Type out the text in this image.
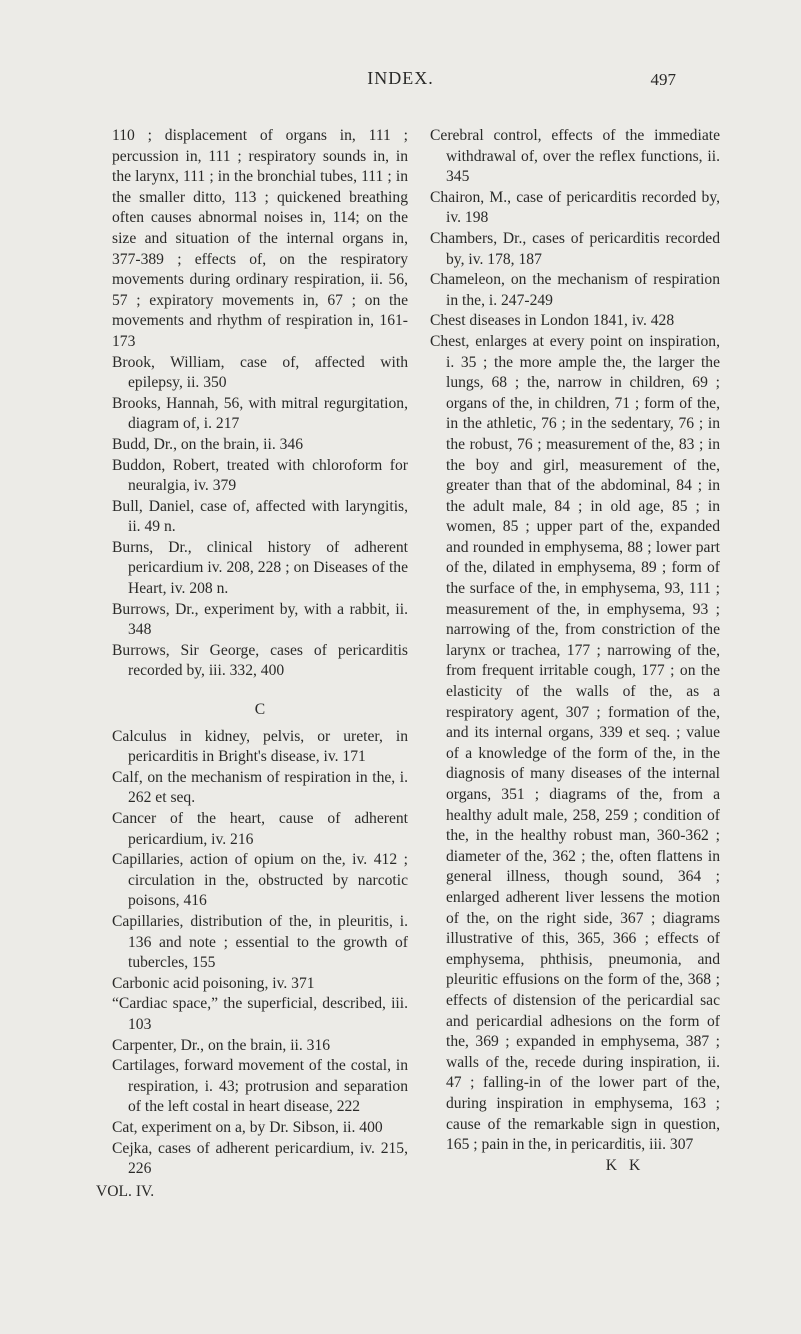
INDEX.	497

110 ; displacement of organs in, 111 ; percussion in, 111 ; respiratory sounds in, in the larynx, 111 ; in the bronchial tubes, 111 ; in the smaller ditto, 113 ; quickened breathing often causes abnormal noises in, 114; on the size and situation of the internal organs in, 377-389 ; effects of, on the respiratory movements during ordinary respiration, ii. 56, 57 ; expiratory movements in, 67 ; on the movements and rhythm of respiration in, 161-173

Brook, William, case of, affected with epilepsy, ii. 350

Brooks, Hannah, 56, with mitral regurgitation, diagram of, i. 217

Budd, Dr., on the brain, ii. 346

Buddon, Robert, treated with chloroform for neuralgia, iv. 379

Bull, Daniel, case of, affected with laryngitis, ii. 49 n.

Burns, Dr., clinical history of adherent pericardium iv. 208, 228 ; on Diseases of the Heart, iv. 208 n.

Burrows, Dr., experiment by, with a rabbit, ii. 348

Burrows, Sir George, cases of pericarditis recorded by, iii. 332, 400

C

Calculus in kidney, pelvis, or ureter, in pericarditis in Bright's disease, iv. 171

Calf, on the mechanism of respiration in the, i. 262 et seq.

Cancer of the heart, cause of adherent pericardium, iv. 216

Capillaries, action of opium on the, iv. 412 ; circulation in the, obstructed by narcotic poisons, 416

Capillaries, distribution of the, in pleuritis, i. 136 and note ; essential to the growth of tubercles, 155

Carbonic acid poisoning, iv. 371

“Cardiac space,” the superficial, described, iii. 103

Carpenter, Dr., on the brain, ii. 316

Cartilages, forward movement of the costal, in respiration, i. 43; protrusion and separation of the left costal in heart disease, 222

Cat, experiment on a, by Dr. Sibson, ii. 400

Cejka, cases of adherent pericardium, iv. 215, 226

VOL. IV.

Cerebral control, effects of the immediate withdrawal of, over the reflex functions, ii. 345

Chairon, M., case of pericarditis recorded by, iv. 198

Chambers, Dr., cases of pericarditis recorded by, iv. 178, 187

Chameleon, on the mechanism of respiration in the, i. 247-249

Chest diseases in London 1841, iv. 428

Chest, enlarges at every point on inspiration, i. 35 ; the more ample the, the larger the lungs, 68 ; the, narrow in children, 69 ; organs of the, in children, 71 ; form of the, in the athletic, 76 ; in the sedentary, 76 ; in the robust, 76 ; measurement of the, 83 ; in the boy and girl, measurement of the, greater than that of the abdominal, 84 ; in the adult male, 84 ; in old age, 85 ; in women, 85 ; upper part of the, expanded and rounded in emphysema, 88 ; lower part of the, dilated in emphysema, 89 ; form of the surface of the, in emphysema, 93, 111 ; measurement of the, in emphysema, 93 ; narrowing of the, from constriction of the larynx or trachea, 177 ; narrowing of the, from frequent irritable cough, 177 ; on the elasticity of the walls of the, as a respiratory agent, 307 ; formation of the, and its internal organs, 339 et seq. ; value of a knowledge of the form of the, in the diagnosis of many diseases of the internal organs, 351 ; diagrams of the, from a healthy adult male, 258, 259 ; condition of the, in the healthy robust man, 360-362 ; diameter of the, 362 ; the, often flattens in general illness, though sound, 364 ; enlarged adherent liver lessens the motion of the, on the right side, 367 ; diagrams illustrative of this, 365, 366 ; effects of emphysema, phthisis, pneumonia, and pleuritic effusions on the form of the, 368 ; effects of distension of the pericardial sac and pericardial adhesions on the form of the, 369 ; expanded in emphysema, 387 ; walls of the, recede during inspiration, ii. 47 ; falling-in of the lower part of the, during inspiration in emphysema, 163 ; cause of the remarkable sign in question, 165 ; pain in the, in pericarditis, iii. 307

K K
